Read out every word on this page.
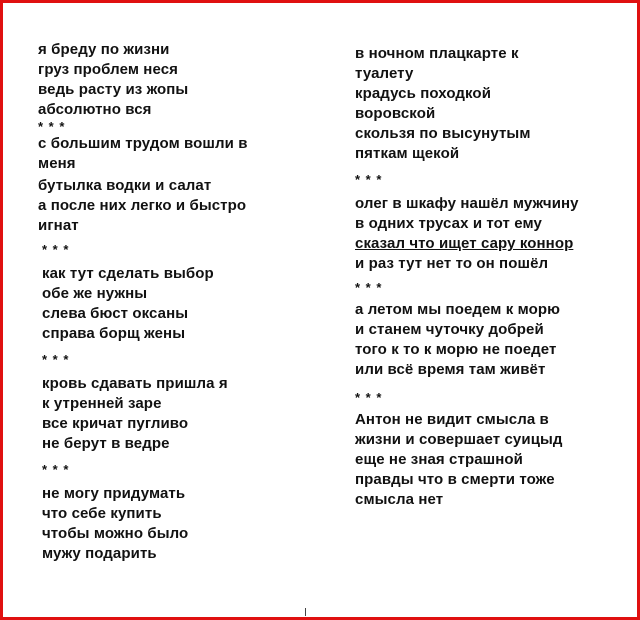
я бреду по жизни
груз проблем неся
ведь расту из жопы
абсолютно вся
* * *
с большим трудом вошли в
меня
бутылка водки и салат
а после них легко и быстро
игнат
* * *
как тут сделать выбор
обе же нужны
слева бюст оксаны
справа борщ жены
* * *
кровь сдавать пришла я
к утренней заре
все кричат пугливо
не берут в ведре
* * *
не могу придумать
что себе купить
чтобы можно было
мужу подарить
в ночном плацкарте к
туалету
крадусь походкой
воровской
скользя по высунутым
пяткам щекой
* * *
олег в шкафу нашёл мужчину
в одних трусах и тот ему
сказал что ищет сару коннор
и раз тут нет то он пошёл
* * *
а летом мы поедем к морю
и станем чуточку добрей
того к то к морю не поедет
или всё время там живёт
* * *
Антон не видит смысла в
жизни и совершает суицыд
еще не зная страшной
правды что в смерти тоже
смысла нет
